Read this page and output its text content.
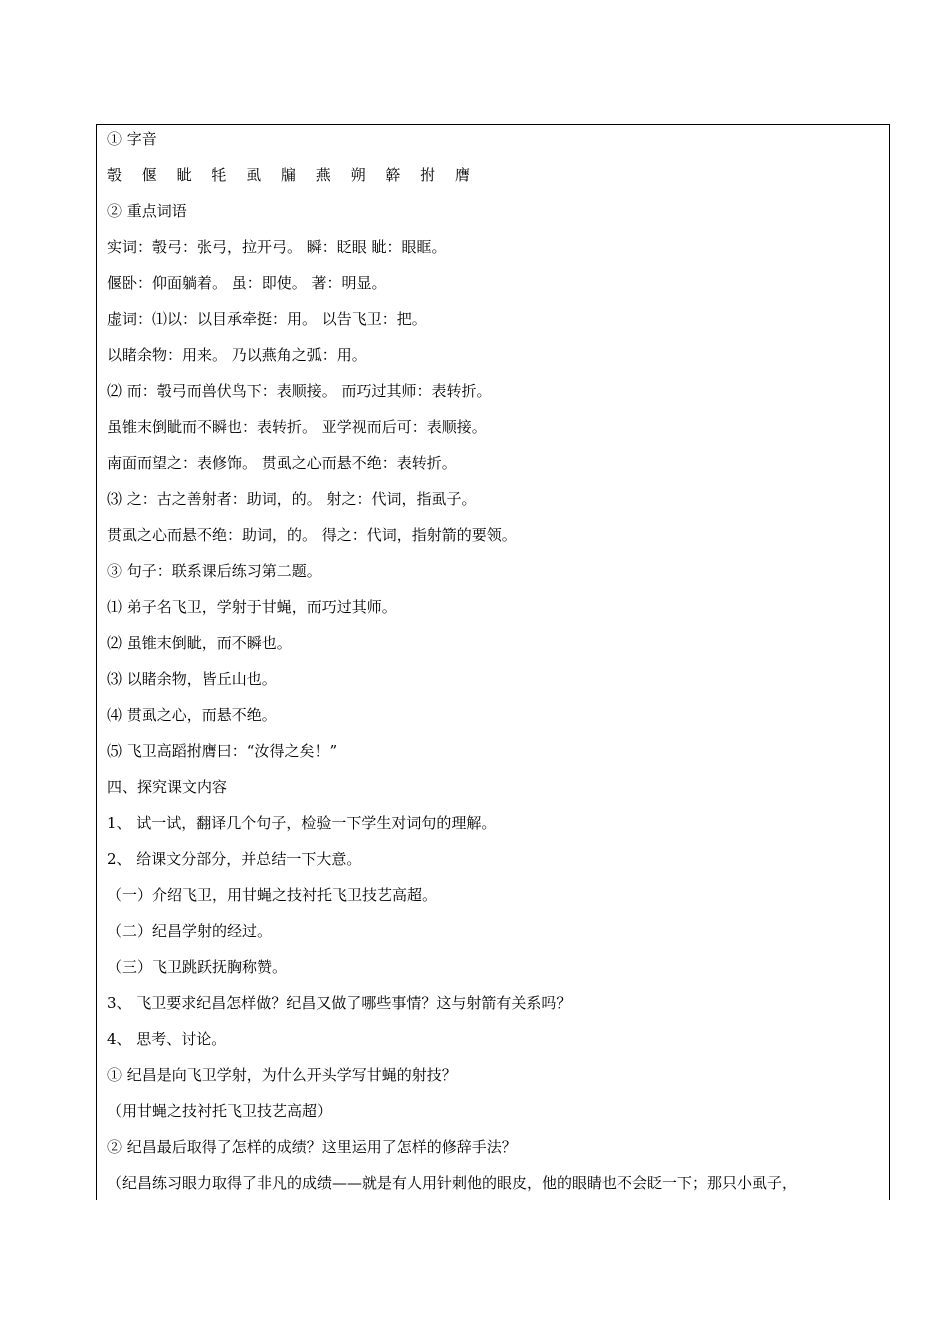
① 字音
彀 偃 眦 牦 虱 牖 燕 朔 簳 拊 膺
② 重点词语
实词：彀弓：张弓，拉开弓。 瞬：眨眼 眦：眼眶。
偃卧：仰面躺着。 虽：即使。 著：明显。
虚词：⑴以：以目承牵挺：用。 以告飞卫：把。
以睹余物：用来。 乃以燕角之弧：用。
⑵ 而：彀弓而兽伏鸟下：表顺接。 而巧过其师：表转折。
虽锥末倒眦而不瞬也：表转折。 亚学视而后可：表顺接。
南面而望之：表修饰。 贯虱之心而悬不绝：表转折。
⑶ 之：古之善射者：助词，的。 射之：代词，指虱子。
贯虱之心而悬不绝：助词，的。 得之：代词，指射箭的要领。
③ 句子：联系课后练习第二题。
⑴ 弟子名飞卫，学射于甘蝇，而巧过其师。
⑵ 虽锥末倒眦，而不瞬也。
⑶ 以睹余物，皆丘山也。
⑷ 贯虱之心，而悬不绝。
⑸ 飞卫高蹈拊膺曰：“汝得之矣！”
四、探究课文内容
1、 试一试，翻译几个句子，检验一下学生对词句的理解。
2、 给课文分部分，并总结一下大意。
（一）介绍飞卫，用甘蝇之技衬托飞卫技艺高超。
（二）纪昌学射的经过。
（三）飞卫跳跃抚胸称赞。
3、 飞卫要求纪昌怎样做？纪昌又做了哪些事情？这与射箭有关系吗？
4、 思考、讨论。
① 纪昌是向飞卫学射，为什么开头学写甘蝇的射技？
（用甘蝇之技衬托飞卫技艺高超）
② 纪昌最后取得了怎样的成绩？这里运用了怎样的修辞手法？
（纪昌练习眼力取得了非凡的成绩——就是有人用针刺他的眼皮，他的眼睛也不会眨一下；那只小虱子，
